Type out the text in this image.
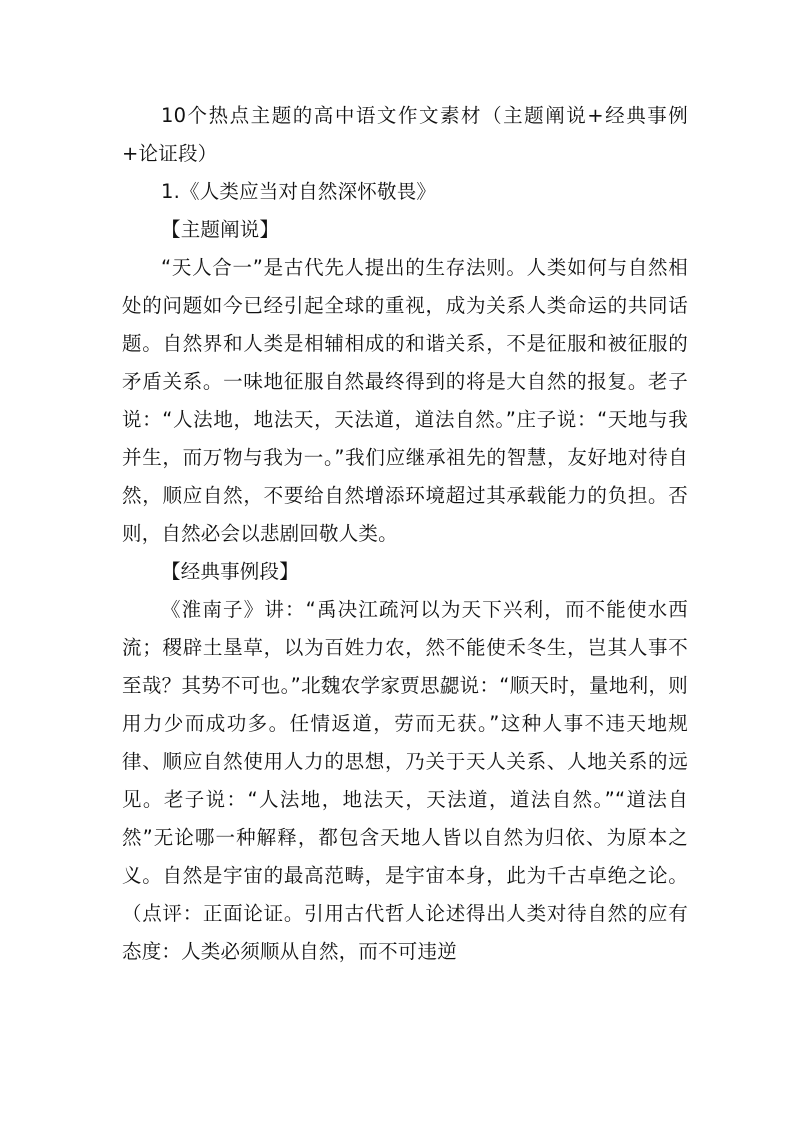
10个热点主题的高中语文作文素材（主题阐说+经典事例+论证段）

1.《人类应当对自然深怀敬畏》

【主题阐说】

“天人合一”是古代先人提出的生存法则。人类如何与自然相处的问题如今已经引起全球的重视，成为关系人类命运的共同话题。自然界和人类是相辅相成的和谐关系，不是征服和被征服的矛盾关系。一味地征服自然最终得到的将是大自然的报复。老子说：“人法地，地法天，天法道，道法自然。”庄子说：“天地与我并生，而万物与我为一。”我们应继承祖先的智慧，友好地对待自然，顺应自然，不要给自然增添环境超过其承载能力的负担。否则，自然必会以悲剧回敬人类。

【经典事例段】

《淮南子》讲：“禹决江疏河以为天下兴利，而不能使水西流；稷辟土垦草，以为百姓力农，然不能使禾冬生，岂其人事不至哉？其势不可也。”北魏农学家贾思勰说：“顺天时，量地利，则用力少而成功多。任情返道，劳而无获。”这种人事不违天地规律、顺应自然使用人力的思想，乃关于天人关系、人地关系的远见。老子说：“人法地，地法天，天法道，道法自然。”“道法自然”无论哪一种解释，都包含天地人皆以自然为归依、为原本之义。自然是宇宙的最高范畴，是宇宙本身，此为千古卓绝之论。（点评：正面论证。引用古代哲人论述得出人类对待自然的应有态度：人类必须顺从自然，而不可违逆
